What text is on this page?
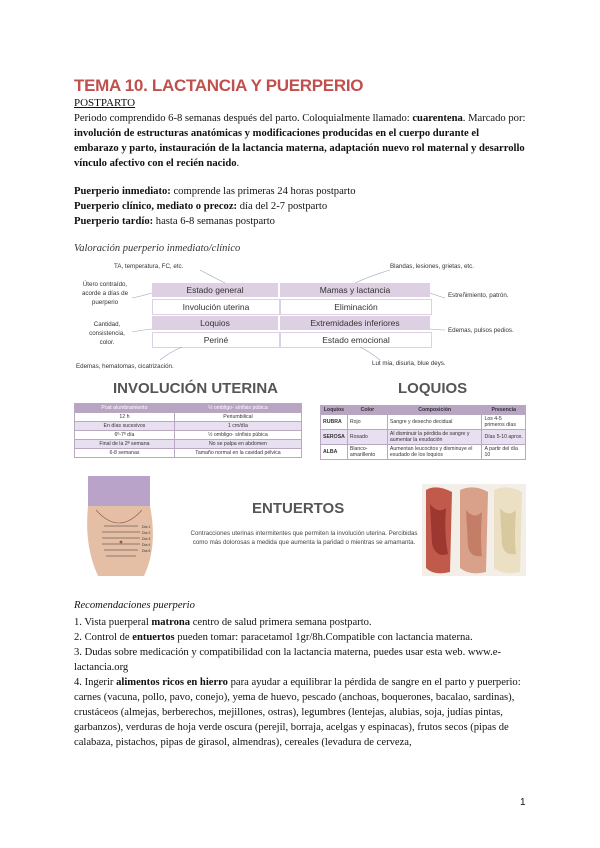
TEMA 10. LACTANCIA Y PUERPERIO
POSTPARTO
Periodo comprendido 6-8 semanas después del parto. Coloquialmente llamado: cuarentena. Marcado por: involución de estructuras anatómicas y modificaciones producidas en el cuerpo durante el embarazo y parto, instauración de la lactancia materna, adaptación nuevo rol maternal y desarrollo vínculo afectivo con el recién nacido.
Puerperio inmediato: comprende las primeras 24 horas postparto
Puerperio clínico, mediato o precoz: día del 2-7 postparto
Puerperio tardío: hasta 6-8 semanas postparto
Valoración puerperio inmediato/clínico
Estado general	Mamas y lactancia
Involución uterina	Eliminación
Loquios	Extremidades inferiores
Periné	Estado emocional
TA, temperatura, FC, etc.	Blandas, lesiones, grietas, etc.
Útero contraído, acorde a días de puerperio
Estreñimiento, patrón.
Cantidad, consistencia, color.
Edemas, pulsos pedios.
Edemas, hematomas, cicatrización.	Lut mia, disuria, blue deys.
INVOLUCIÓN UTERINA
Post alumbramiento	½ ombligo- sínfisis púbica
12 h	Periumbilical
En días sucesivos	1 cm/día
6º-7º día	½ ombligo- sínfisis púbica
Final de la 2ª semana	No se palpa en abdomen
6-8 semanas	Tamaño normal en la cavidad pélvica
LOQUIOS
Loquios	Color	Composición	Presencia
RUBRA	Rojo	Sangre y desecho decidual	Los 4-5 primeros días
SEROSA	Rosado	Al disminuir la pérdida de sangre y aumentar la exudación	Días 5-10 aprox.
ALBA	Blanco-amarillento	Aumentan leucocitos y disminuye el exudado de los loquios	A partir del día 10
Día 1
Día 2
Día 3
Día 4
Día 5
ENTUERTOS
Contracciones uterinas intermitentes que permiten la involución uterina. Percibidas como más dolorosas a medida que aumenta la paridad o mientras se amamanta.
Recomendaciones puerperio
1. Vista puerperal matrona centro de salud primera semana postparto.
2. Control de entuertos pueden tomar: paracetamol 1gr/8h.Compatible con lactancia materna.
3. Dudas sobre medicación y compatibilidad con la lactancia materna, puedes usar esta web. www.e-lactancia.org
4. Ingerir alimentos ricos en hierro para ayudar a equilibrar la pérdida de sangre en el parto y puerperio: carnes (vacuna, pollo, pavo, conejo), yema de huevo, pescado (anchoas, boquerones, bacalao, sardinas), crustáceos (almejas, berberechos, mejillones, ostras), legumbres (lentejas, alubias, soja, judías pintas, garbanzos), verduras de hoja verde oscura (perejil, borraja, acelgas y espinacas), frutos secos (pipas de calabaza, pistachos, pipas de girasol, almendras), cereales (levadura de cerveza,
1
